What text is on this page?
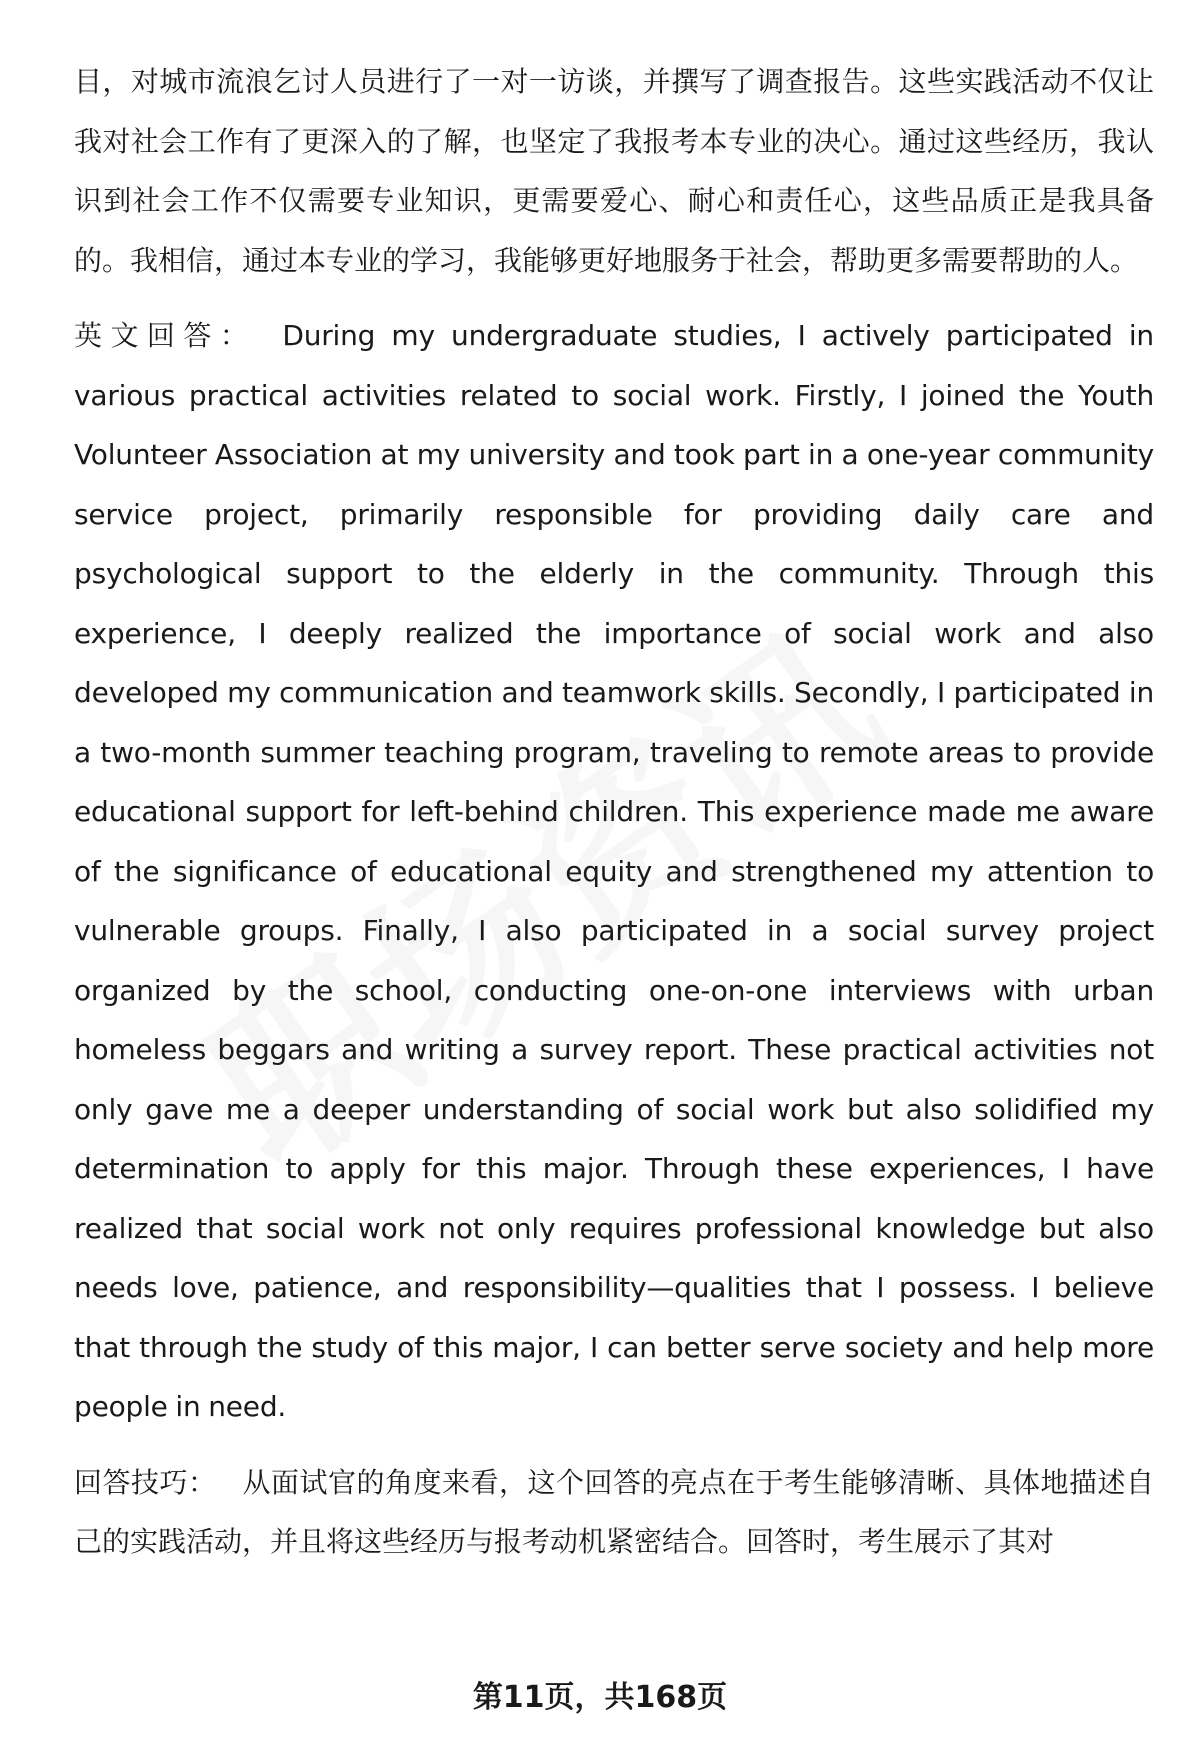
目，对城市流浪乞讨人员进行了一对一访谈，并撰写了调查报告。这些实践活动不仅让我对社会工作有了更深入的了解，也坚定了我报考本专业的决心。通过这些经历，我认识到社会工作不仅需要专业知识，更需要爱心、耐心和责任心，这些品质正是我具备的。我相信，通过本专业的学习，我能够更好地服务于社会，帮助更多需要帮助的人。

英文回答： During my undergraduate studies, I actively participated in various practical activities related to social work. Firstly, I joined the Youth Volunteer Association at my university and took part in a one-year community service project, primarily responsible for providing daily care and psychological support to the elderly in the community. Through this experience, I deeply realized the importance of social work and also developed my communication and teamwork skills. Secondly, I participated in a two-month summer teaching program, traveling to remote areas to provide educational support for left-behind children. This experience made me aware of the significance of educational equity and strengthened my attention to vulnerable groups. Finally, I also participated in a social survey project organized by the school, conducting one-on-one interviews with urban homeless beggars and writing a survey report. These practical activities not only gave me a deeper understanding of social work but also solidified my determination to apply for this major. Through these experiences, I have realized that social work not only requires professional knowledge but also needs love, patience, and responsibility—qualities that I possess. I believe that through the study of this major, I can better serve society and help more people in need.

回答技巧： 从面试官的角度来看，这个回答的亮点在于考生能够清晰、具体地描述自己的实践活动，并且将这些经历与报考动机紧密结合。回答时，考生展示了其对

第11页，共168页
